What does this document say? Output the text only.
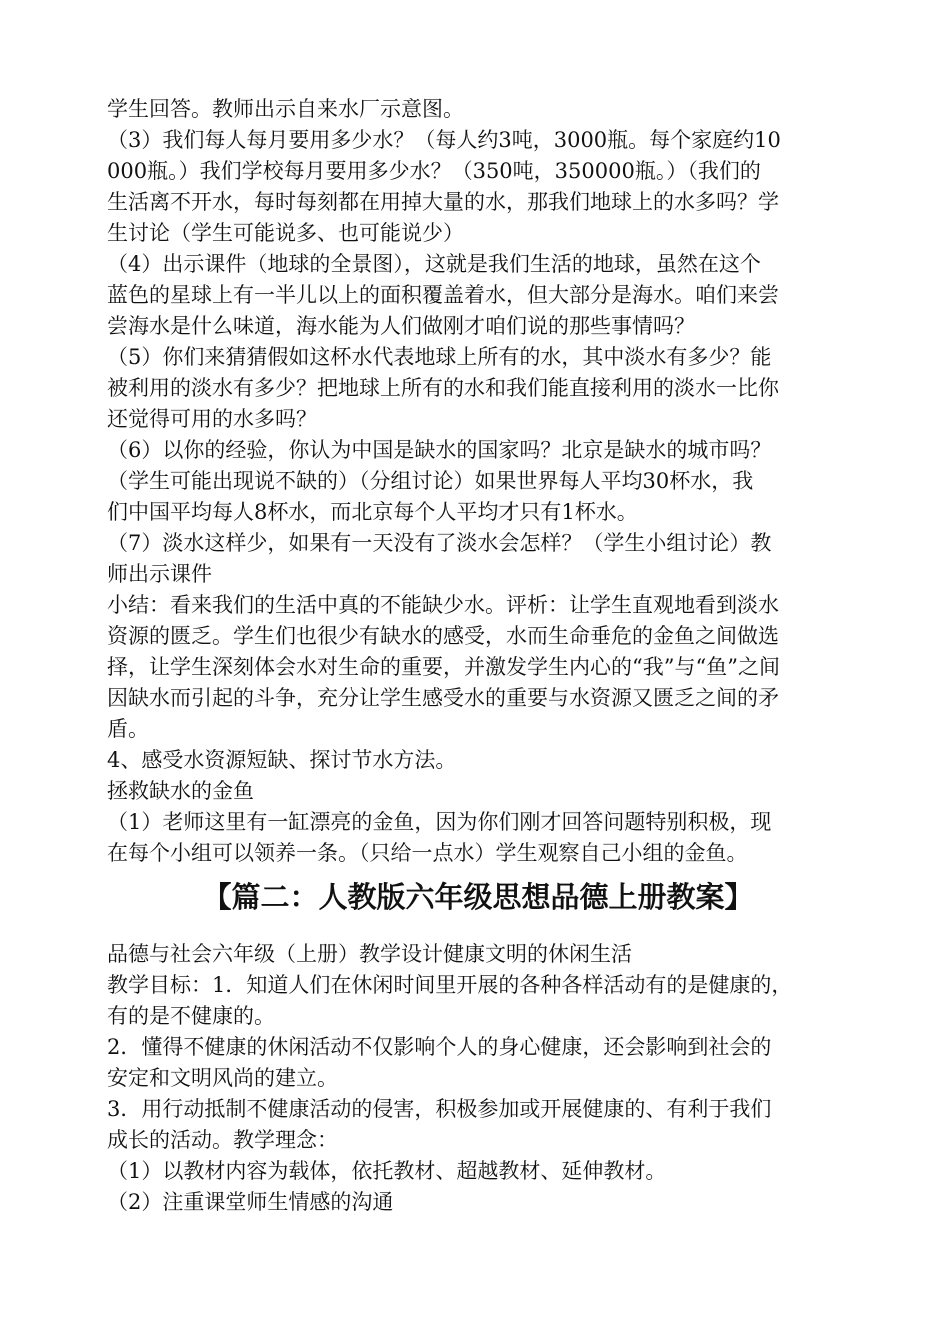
学生回答。教师出示自来水厂示意图。
（3）我们每人每月要用多少水？（每人约3吨，3000瓶。每个家庭约10
000瓶。）我们学校每月要用多少水？（350吨，350000瓶。）（我们的
生活离不开水，每时每刻都在用掉大量的水，那我们地球上的水多吗？学
生讨论（学生可能说多、也可能说少）
（4）出示课件（地球的全景图），这就是我们生活的地球，虽然在这个
蓝色的星球上有一半儿以上的面积覆盖着水，但大部分是海水。咱们来尝
尝海水是什么味道，海水能为人们做刚才咱们说的那些事情吗？
（5）你们来猜猜假如这杯水代表地球上所有的水，其中淡水有多少？能
被利用的淡水有多少？把地球上所有的水和我们能直接利用的淡水一比你
还觉得可用的水多吗？
（6）以你的经验，你认为中国是缺水的国家吗？北京是缺水的城市吗？
（学生可能出现说不缺的）（分组讨论）如果世界每人平均30杯水，我
们中国平均每人8杯水，而北京每个人平均才只有1杯水。
（7）淡水这样少，如果有一天没有了淡水会怎样？（学生小组讨论）教
师出示课件
小结：看来我们的生活中真的不能缺少水。评析：让学生直观地看到淡水
资源的匮乏。学生们也很少有缺水的感受，水而生命垂危的金鱼之间做选
择，让学生深刻体会水对生命的重要，并激发学生内心的“我”与“鱼”之间
因缺水而引起的斗争，充分让学生感受水的重要与水资源又匮乏之间的矛
盾。
4、感受水资源短缺、探讨节水方法。
拯救缺水的金鱼
（1）老师这里有一缸漂亮的金鱼，因为你们刚才回答问题特别积极，现
在每个小组可以领养一条。（只给一点水）学生观察自己小组的金鱼。
【篇二：人教版六年级思想品德上册教案】
品德与社会六年级（上册）教学设计健康文明的休闲生活
教学目标：1．知道人们在休闲时间里开展的各种各样活动有的是健康的，
有的是不健康的。
2．懂得不健康的休闲活动不仅影响个人的身心健康，还会影响到社会的
安定和文明风尚的建立。
3．用行动抵制不健康活动的侵害，积极参加或开展健康的、有利于我们
成长的活动。教学理念：
（1）以教材内容为载体，依托教材、超越教材、延伸教材。
（2）注重课堂师生情感的沟通
